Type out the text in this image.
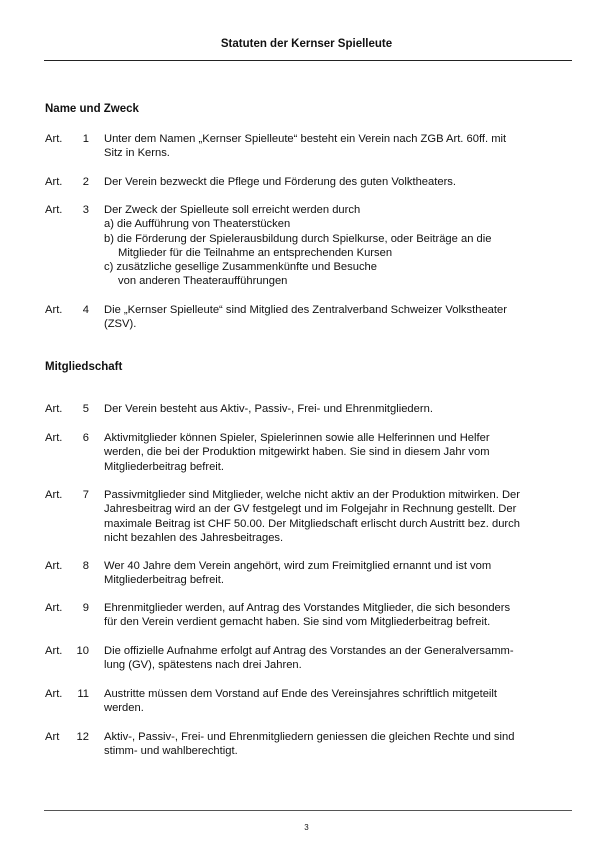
Statuten der Kernser Spielleute
Name und Zweck
Art.	1 Unter dem Namen „Kernser Spielleute“ besteht ein Verein nach ZGB Art. 60ff. mit
Sitz in Kerns.
Art.	2 Der Verein bezweckt die Pflege und Förderung des guten Volktheaters.
Art.	3 Der Zweck der Spielleute soll erreicht werden durch
a) die Aufführung von Theaterstücken
b) die Förderung der Spielerausbildung durch Spielkurse, oder Beiträge an die
Mitglieder für die Teilnahme an entsprechenden Kursen
c) zusätzliche gesellige Zusammenkünfte und Besuche
von anderen Theateraufführungen
Art.	4 Die „Kernser Spielleute“ sind Mitglied des Zentralverband Schweizer Volkstheater
(ZSV).
Mitgliedschaft
Art.	5 Der Verein besteht aus Aktiv-, Passiv-, Frei- und Ehrenmitgliedern.
Art.	6 Aktivmitglieder können Spieler, Spielerinnen sowie alle Helferinnen und Helfer
werden, die bei der Produktion mitgewirkt haben. Sie sind in diesem Jahr vom
Mitgliederbeitrag befreit.
Art.	7 Passivmitglieder sind Mitglieder, welche nicht aktiv an der Produktion mitwirken. Der
Jahresbeitrag wird an der GV festgelegt und im Folgejahr in Rechnung gestellt. Der
maximale Beitrag ist CHF 50.00. Der Mitgliedschaft erlischt durch Austritt bez. durch
nicht bezahlen des Jahresbeitrages.
Art.	8 Wer 40 Jahre dem Verein angehört, wird zum Freimitglied ernannt und ist vom
Mitgliederbeitrag befreit.
Art.	9 Ehrenmitglieder werden, auf Antrag des Vorstandes Mitglieder, die sich besonders
für den Verein verdient gemacht haben. Sie sind vom Mitgliederbeitrag befreit.
Art.	10 Die offizielle Aufnahme erfolgt auf Antrag des Vorstandes an der Generalversamm-
lung (GV), spätestens nach drei Jahren.
Art.	11 Austritte müssen dem Vorstand auf Ende des Vereinsjahres schriftlich mitgeteilt
werden.
Art	12 Aktiv-, Passiv-, Frei- und Ehrenmitgliedern geniessen die gleichen Rechte und sind
stimm- und wahlberechtigt.
3
